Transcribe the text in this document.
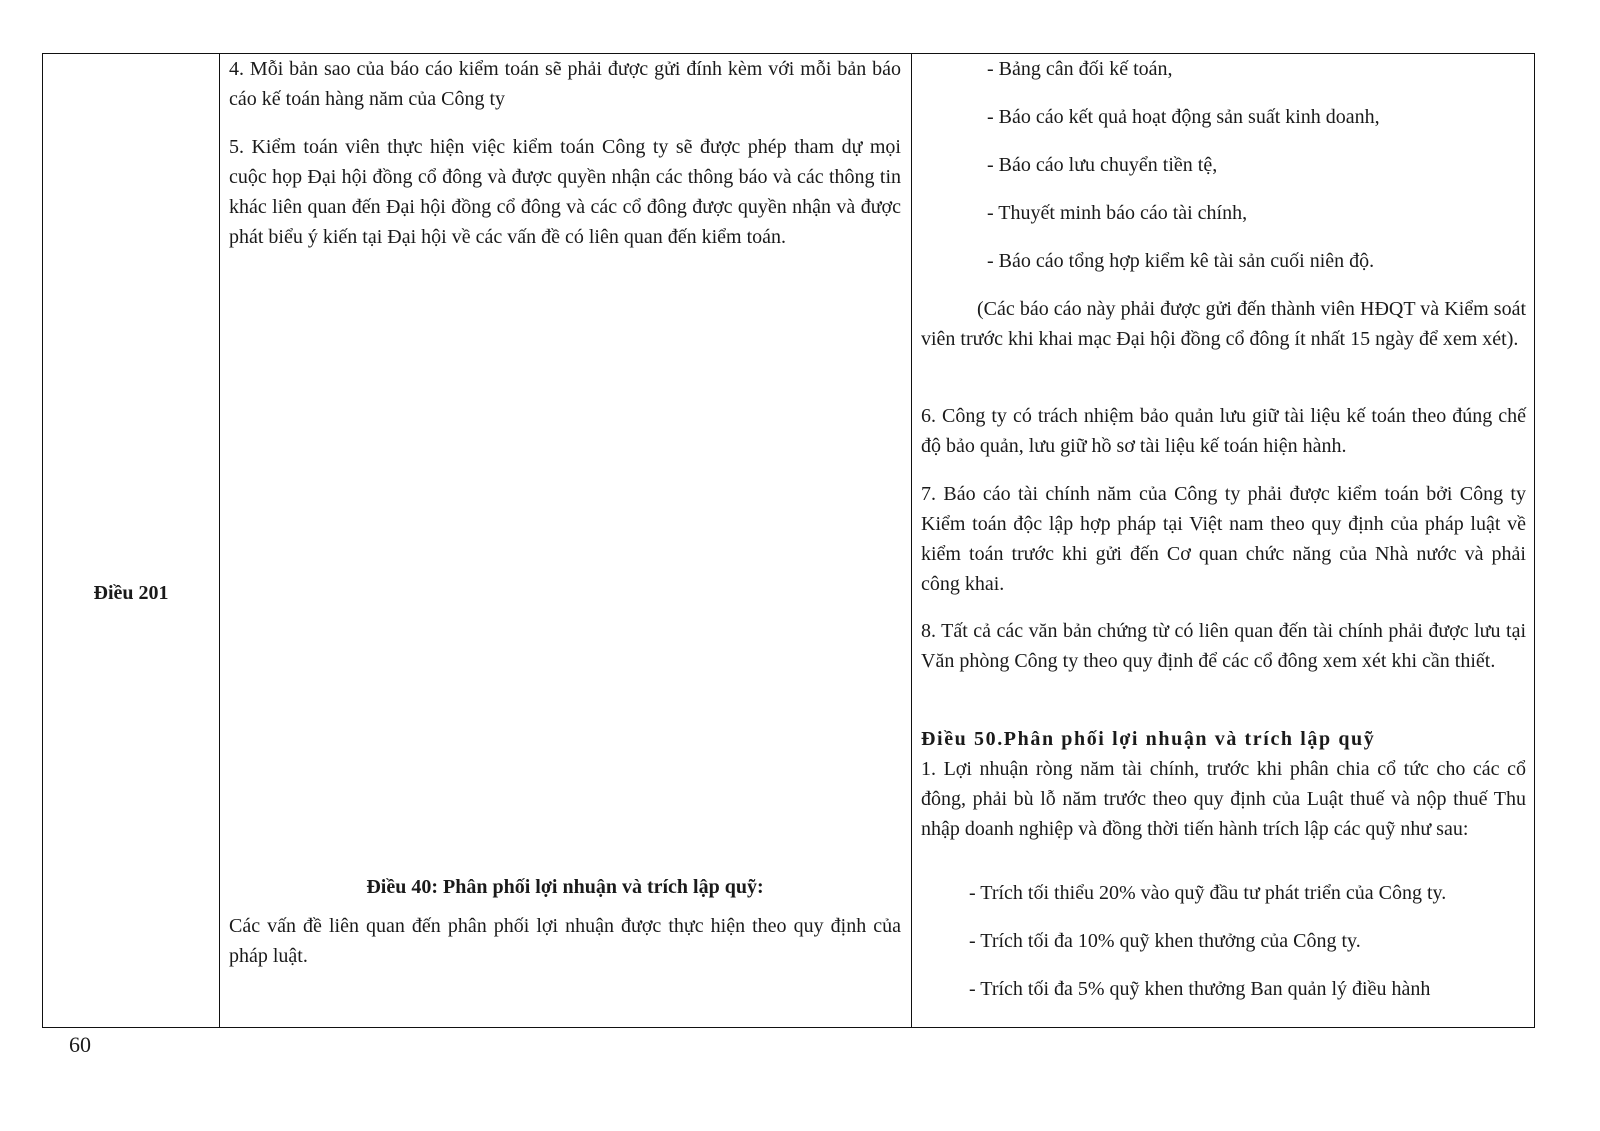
Điều 201

4. Mỗi bản sao của báo cáo kiểm toán sẽ phải được gửi đính kèm với mỗi bản báo cáo kế toán hàng năm của Công ty

5. Kiểm toán viên thực hiện việc kiểm toán Công ty sẽ được phép tham dự mọi cuộc họp Đại hội đồng cổ đông và được quyền nhận các thông báo và các thông tin khác liên quan đến Đại hội đồng cổ đông và các cổ đông được quyền nhận và được phát biểu ý kiến tại Đại hội về các vấn đề có liên quan đến kiểm toán.

Điều 40: Phân phối lợi nhuận và trích lập quỹ:

Các vấn đề liên quan đến phân phối lợi nhuận được thực hiện theo quy định của pháp luật.

- Bảng cân đối kế toán,

- Báo cáo kết quả hoạt động sản suất kinh doanh,

- Báo cáo lưu chuyển tiền tệ,

- Thuyết minh báo cáo tài chính,

- Báo cáo tổng hợp kiểm kê tài sản cuối niên độ.

(Các báo cáo này phải được gửi đến thành viên HĐQT và Kiểm soát viên trước khi khai mạc Đại hội đồng cổ đông ít nhất 15 ngày để xem xét).

6. Công ty có trách nhiệm bảo quản lưu giữ tài liệu kế toán theo đúng chế độ bảo quản, lưu giữ hồ sơ tài liệu kế toán hiện hành.

7. Báo cáo tài chính năm của Công ty phải được kiểm toán bởi Công ty Kiểm toán độc lập hợp pháp tại Việt nam theo quy định của pháp luật về kiểm toán trước khi gửi đến Cơ quan chức năng của Nhà nước và phải công khai.

8. Tất cả các văn bản chứng từ có liên quan đến tài chính phải được lưu tại Văn phòng Công ty theo quy định để các cổ đông xem xét khi cần thiết.

Điều 50.Phân phối lợi nhuận và trích lập quỹ

1. Lợi nhuận ròng năm tài chính, trước khi phân chia cổ tức cho các cổ đông, phải bù lỗ năm trước theo quy định của Luật thuế và nộp thuế Thu nhập doanh nghiệp và đồng thời tiến hành trích lập các quỹ như sau:

- Trích tối thiểu 20% vào quỹ đầu tư phát triển của Công ty.

- Trích tối đa 10% quỹ khen thưởng của Công ty.

- Trích tối đa 5% quỹ khen thưởng Ban quản lý điều hành

60
